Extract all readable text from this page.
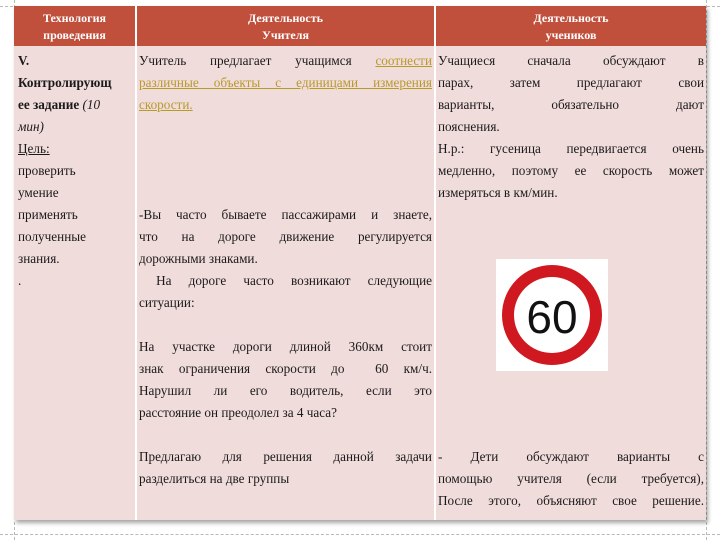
Технология
проведения
Деятельность
Учителя
Деятельность
учеников

V.

Контролирующ

ее задание (10

мин)

Цель:

проверить

умение

применять

полученные

знания.

.

Учитель предлагает учащимся соотнести

различные объекты с единицами измерения

скорости.

-Вы часто бываете пассажирами и знаете,

что на дороге движение регулируется

дорожными знаками.

На дороге часто возникают следующие

ситуации:

На участке дороги длиной 360км стоит

знак ограничения скорости до  60 км/ч.

Нарушил ли его водитель, если это

расстояние он преодолел за 4 часа?

Предлагаю для решения данной задачи

разделиться на две группы

Учащиеся сначала обсуждают в

парах, затем предлагают свои

варианты, обязательно дают

пояснения.

Н.р.: гусеница передвигается очень

медленно, поэтому ее скорость может

измеряться в км/мин.

- Дети обсуждают варианты с

помощью учителя (если требуется),

После этого, объясняют свое решение.

60
